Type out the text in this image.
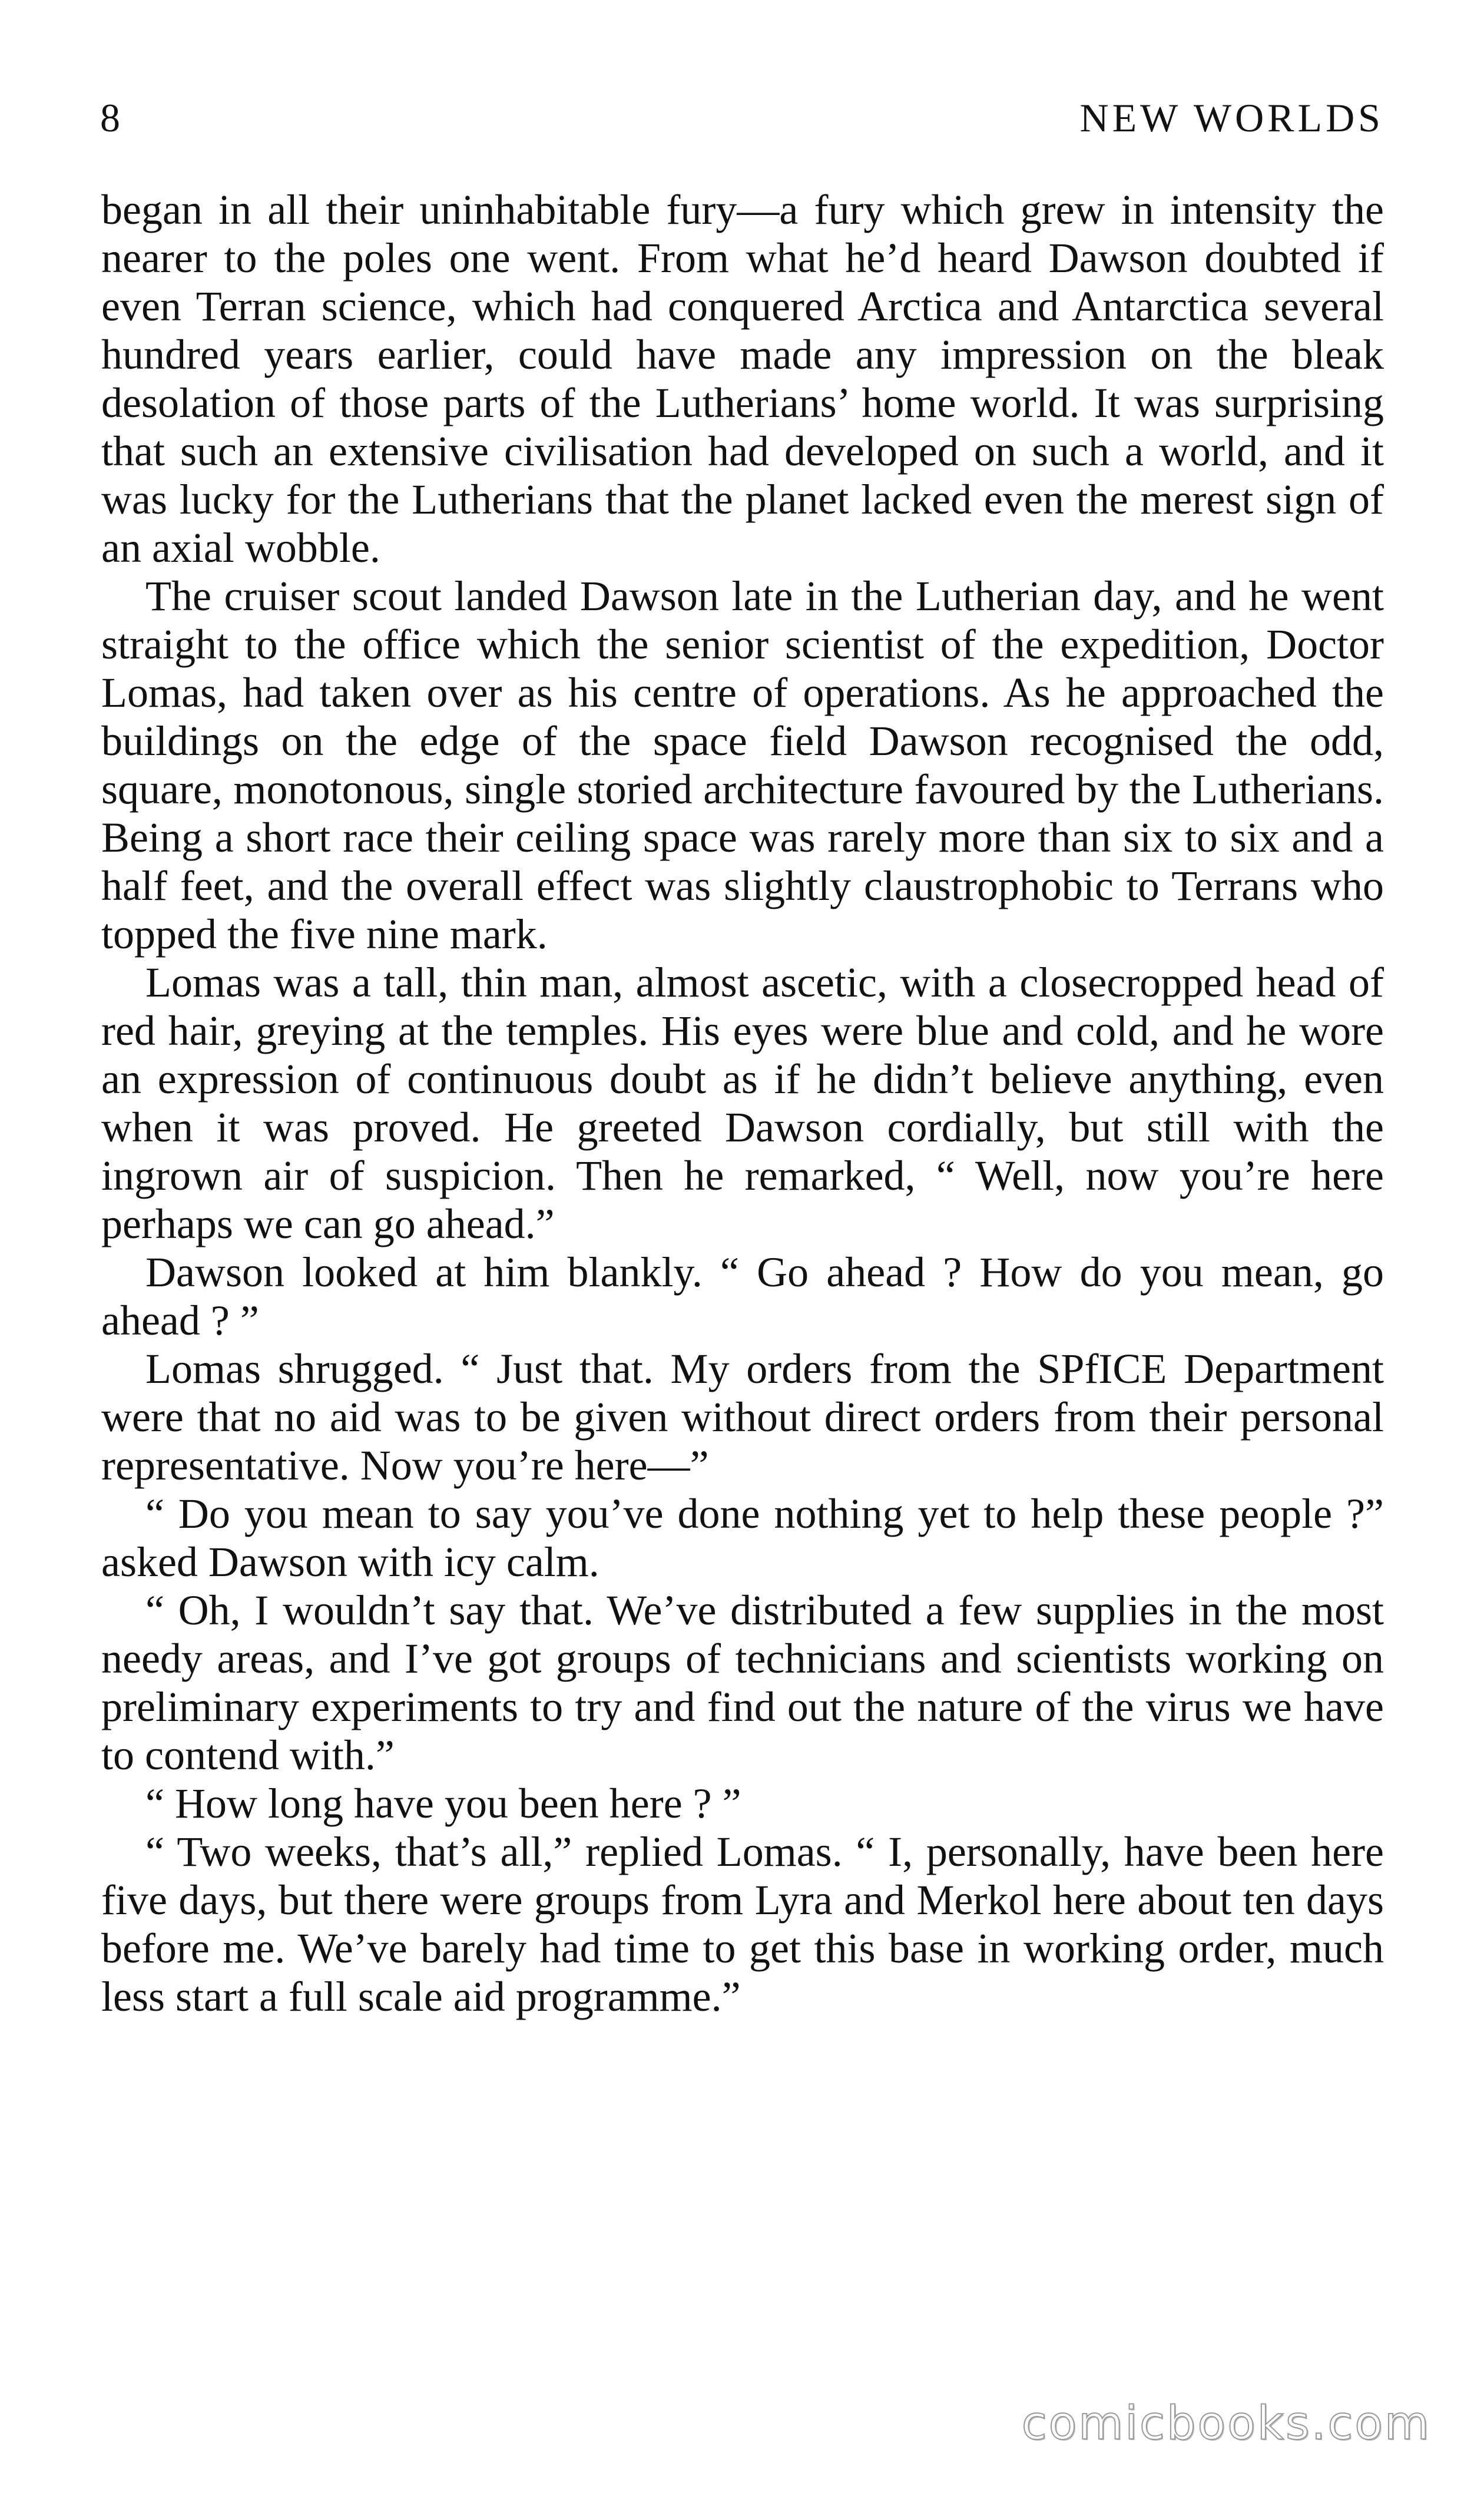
8	NEW WORLDS

began in all their uninhabitable fury—a fury which grew in intensity the nearer to the poles one went. From what he’d heard Dawson doubted if even Terran science, which had conquered Arctica and Antarctica several hundred years earlier, could have made any impression on the bleak desolation of those parts of the Lutherians’ home world. It was surprising that such an extensive civilisation had developed on such a world, and it was lucky for the Lutherians that the planet lacked even the merest sign of an axial wobble.

The cruiser scout landed Dawson late in the Lutherian day, and he went straight to the office which the senior scientist of the expedition, Doctor Lomas, had taken over as his centre of operations. As he approached the buildings on the edge of the space field Dawson recognised the odd, square, monotonous, single storied architecture favoured by the Lutherians. Being a short race their ceiling space was rarely more than six to six and a half feet, and the overall effect was slightly claustrophobic to Terrans who topped the five nine mark.

Lomas was a tall, thin man, almost ascetic, with a closecropped head of red hair, greying at the temples. His eyes were blue and cold, and he wore an expression of continuous doubt as if he didn’t believe anything, even when it was proved. He greeted Dawson cordially, but still with the ingrown air of suspicion. Then he remarked, “ Well, now you’re here perhaps we can go ahead.”

Dawson looked at him blankly. “ Go ahead ? How do you mean, go ahead ? ”

Lomas shrugged. “ Just that. My orders from the SPfICE Department were that no aid was to be given without direct orders from their personal representative. Now you’re here—”

“ Do you mean to say you’ve done nothing yet to help these people ?” asked Dawson with icy calm.

“ Oh, I wouldn’t say that. We’ve distributed a few supplies in the most needy areas, and I’ve got groups of technicians and scientists working on preliminary experiments to try and find out the nature of the virus we have to contend with.”

“ How long have you been here ? ”

“ Two weeks, that’s all,” replied Lomas. “ I, personally, have been here five days, but there were groups from Lyra and Merkol here about ten days before me. We’ve barely had time to get this base in working order, much less start a full scale aid programme.”

comicbooks.com
